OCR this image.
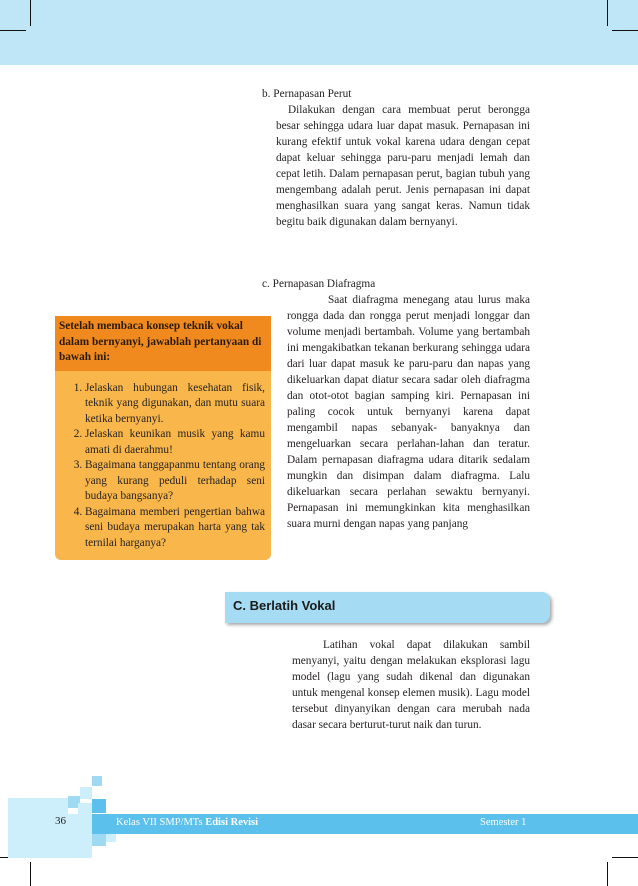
b. Pernapasan Perut

Dilakukan dengan cara membuat perut berongga besar sehingga udara luar dapat masuk. Pernapasan ini kurang efektif untuk vokal karena udara dengan cepat dapat keluar sehingga paru-paru menjadi lemah dan cepat letih. Dalam pernapasan perut, bagian tubuh yang mengembang adalah perut. Jenis pernapasan ini dapat menghasilkan suara yang sangat keras. Namun tidak begitu baik digunakan dalam bernyanyi.

c. Pernapasan Diafragma

Saat diafragma menegang atau lurus maka rongga dada dan rongga perut menjadi longgar dan volume menjadi bertambah. Volume yang bertambah ini mengakibatkan tekanan berkurang sehingga udara dari luar dapat masuk ke paru-paru dan napas yang dikeluarkan dapat diatur secara sadar oleh diafragma dan otot-otot bagian samping kiri. Pernapasan ini paling cocok untuk bernyanyi karena dapat mengambil napas sebanyak- banyaknya dan mengeluarkan secara perlahan-lahan dan teratur. Dalam pernapasan diafragma udara ditarik sedalam mungkin dan disimpan dalam diafragma. Lalu dikeluarkan secara perlahan sewaktu bernyanyi. Pernapasan ini memungkinkan kita menghasilkan suara murni dengan napas yang panjang

Setelah membaca konsep teknik vokal dalam bernyanyi, jawablah pertanyaan di bawah ini:
1. Jelaskan hubungan kesehatan fisik, teknik yang digunakan, dan mutu suara ketika bernyanyi.
2. Jelaskan keunikan musik yang kamu amati di daerahmu!
3. Bagaimana tanggapanmu tentang orang yang kurang peduli terhadap seni budaya bangsanya?
4. Bagaimana memberi pengertian bahwa seni budaya merupakan harta yang tak ternilai harganya?
C. Berlatih Vokal

Latihan vokal dapat dilakukan sambil menyanyi, yaitu dengan melakukan eksplorasi lagu model (lagu yang sudah dikenal dan digunakan untuk mengenal konsep elemen musik). Lagu model tersebut dinyanyikan dengan cara merubah nada dasar secara berturut-turut naik dan turun.

36	Kelas VII SMP/MTs Edisi Revisi	Semester 1
